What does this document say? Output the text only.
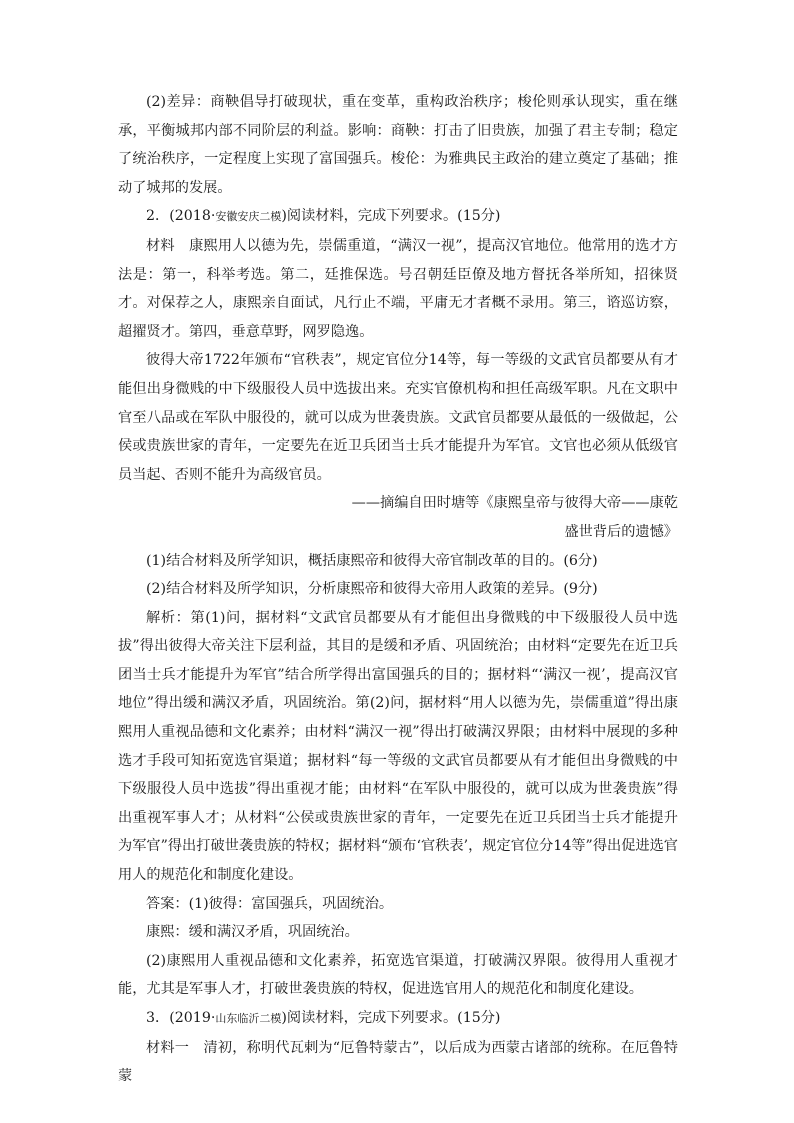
(2)差异：商鞅倡导打破现状，重在变革，重构政治秩序；梭伦则承认现实，重在继承，平衡城邦内部不同阶层的利益。影响：商鞅：打击了旧贵族，加强了君主专制；稳定了统治秩序，一定程度上实现了富国强兵。梭伦：为雅典民主政治的建立奠定了基础；推动了城邦的发展。

2．(2018·安徽安庆二模)阅读材料，完成下列要求。(15分)

材料　康熙用人以德为先，崇儒重道，“满汉一视”，提高汉官地位。他常用的选才方法是：第一，科举考选。第二，廷推保选。号召朝廷臣僚及地方督抚各举所知，招徕贤才。对保荐之人，康熙亲自面试，凡行止不端，平庸无才者概不录用。第三，谘巡访察，超擢贤才。第四，垂意草野，网罗隐逸。

彼得大帝1722年颁布“官秩表”，规定官位分14等，每一等级的文武官员都要从有才能但出身微贱的中下级服役人员中选拔出来。充实官僚机构和担任高级军职。凡在文职中官至八品或在军队中服役的，就可以成为世袭贵族。文武官员都要从最低的一级做起，公侯或贵族世家的青年，一定要先在近卫兵团当士兵才能提升为军官。文官也必须从低级官员当起、否则不能升为高级官员。

——摘编自田时塘等《康熙皇帝与彼得大帝——康乾

盛世背后的遗憾》

(1)结合材料及所学知识，概括康熙帝和彼得大帝官制改革的目的。(6分)

(2)结合材料及所学知识，分析康熙帝和彼得大帝用人政策的差异。(9分)

解析：第(1)问，据材料“文武官员都要从有才能但出身微贱的中下级服役人员中选拔”得出彼得大帝关注下层利益，其目的是缓和矛盾、巩固统治；由材料“定要先在近卫兵团当士兵才能提升为军官”结合所学得出富国强兵的目的；据材料“‘满汉一视’，提高汉官地位”得出缓和满汉矛盾，巩固统治。第(2)问，据材料“用人以德为先，崇儒重道”得出康熙用人重视品德和文化素养；由材料“满汉一视”得出打破满汉界限；由材料中展现的多种选才手段可知拓宽选官渠道；据材料“每一等级的文武官员都要从有才能但出身微贱的中下级服役人员中选拔”得出重视才能；由材料“在军队中服役的，就可以成为世袭贵族”得出重视军事人才；从材料“公侯或贵族世家的青年，一定要先在近卫兵团当士兵才能提升为军官”得出打破世袭贵族的特权；据材料“颁布‘官秩表’，规定官位分14等”得出促进选官用人的规范化和制度化建设。

答案：(1)彼得：富国强兵，巩固统治。

康熙：缓和满汉矛盾，巩固统治。

(2)康熙用人重视品德和文化素养，拓宽选官渠道，打破满汉界限。彼得用人重视才能，尤其是军事人才，打破世袭贵族的特权，促进选官用人的规范化和制度化建设。

3．(2019·山东临沂二模)阅读材料，完成下列要求。(15分)

材料一　清初，称明代瓦剌为“厄鲁特蒙古”，以后成为西蒙古诸部的统称。在厄鲁特蒙
